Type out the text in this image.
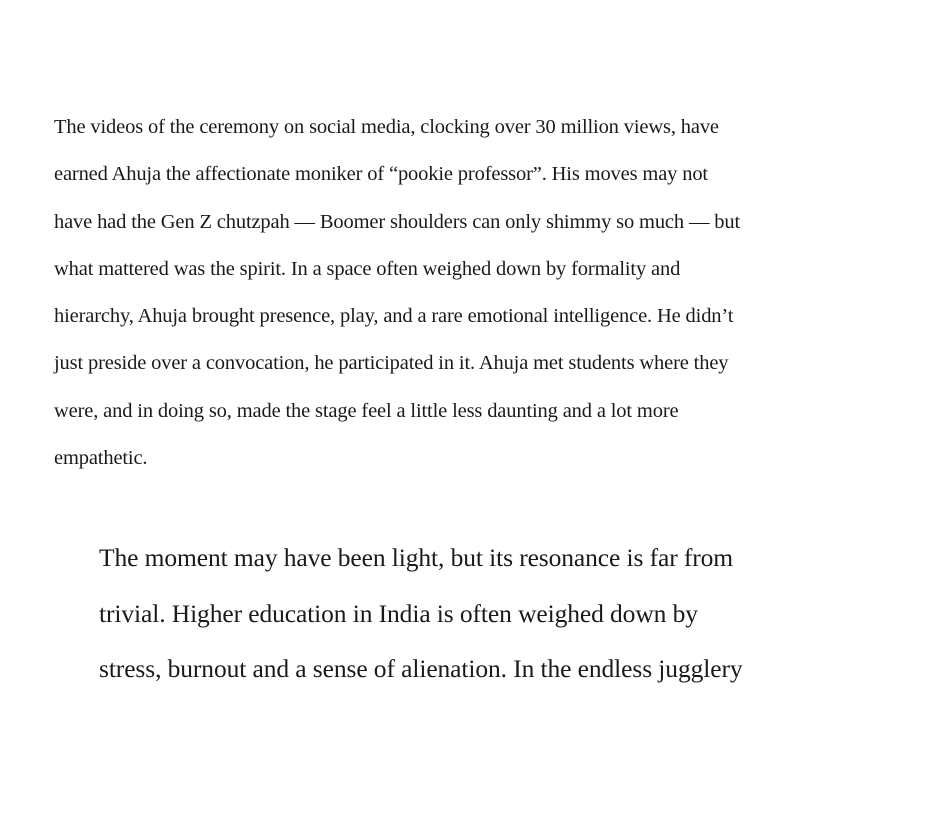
The videos of the ceremony on social media, clocking over 30 million views, have
earned Ahuja the affectionate moniker of “pookie professor”. His moves may not
have had the Gen Z chutzpah — Boomer shoulders can only shimmy so much — but
what mattered was the spirit. In a space often weighed down by formality and
hierarchy, Ahuja brought presence, play, and a rare emotional intelligence. He didn’t
just preside over a convocation, he participated in it. Ahuja met students where they
were, and in doing so, made the stage feel a little less daunting and a lot more
empathetic.

The moment may have been light, but its resonance is far from
trivial. Higher education in India is often weighed down by
stress, burnout and a sense of alienation. In the endless jugglery
